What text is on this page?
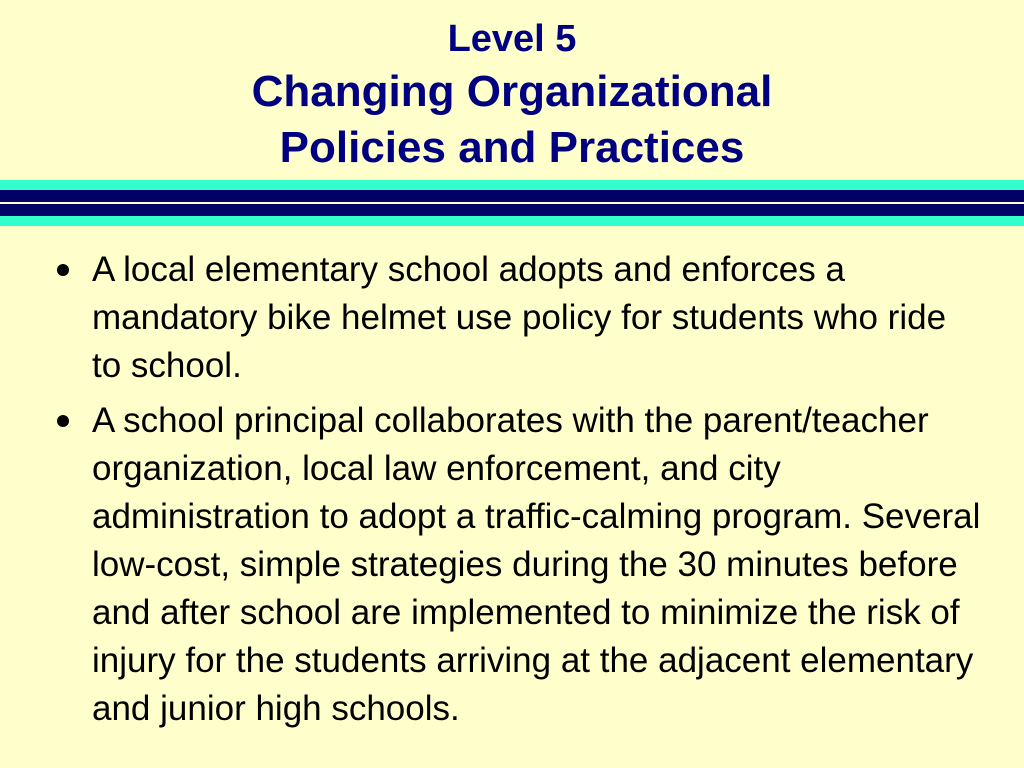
Level 5
Changing Organizational
Policies and Practices
A local elementary school adopts and enforces a mandatory bike helmet use policy for students who ride to school.
A school principal collaborates with the parent/teacher organization, local law enforcement, and city administration to adopt a traffic-calming program. Several low-cost, simple strategies during the 30 minutes before and after school are implemented to minimize the risk of injury for the students arriving at the adjacent elementary and junior high schools.
